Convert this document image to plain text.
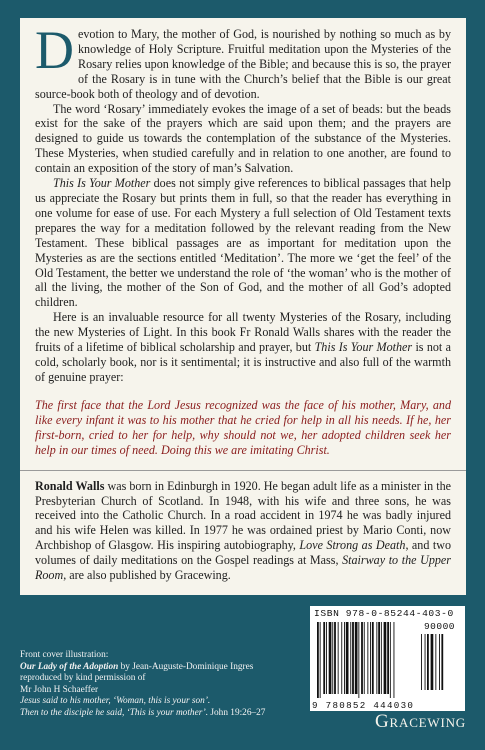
Devotion to Mary, the mother of God, is nourished by nothing so much as by knowledge of Holy Scripture. Fruitful meditation upon the Mysteries of the Rosary relies upon knowledge of the Bible; and because this is so, the prayer of the Rosary is in tune with the Church’s belief that the Bible is our great source-book both of theology and of devotion.

The word ‘Rosary’ immediately evokes the image of a set of beads: but the beads exist for the sake of the prayers which are said upon them; and the prayers are designed to guide us towards the contemplation of the substance of the Mysteries. These Mysteries, when studied carefully and in relation to one another, are found to contain an exposition of the story of man’s Salvation.

This Is Your Mother does not simply give references to biblical passages that help us appreciate the Rosary but prints them in full, so that the reader has everything in one volume for ease of use. For each Mystery a full selection of Old Testament texts prepares the way for a meditation followed by the relevant reading from the New Testament. These biblical passages are as important for meditation upon the Mysteries as are the sections entitled ‘Meditation’. The more we ‘get the feel’ of the Old Testament, the better we understand the role of ‘the woman’ who is the mother of all the living, the mother of the Son of God, and the mother of all God’s adopted children.

Here is an invaluable resource for all twenty Mysteries of the Rosary, including the new Mysteries of Light. In this book Fr Ronald Walls shares with the reader the fruits of a lifetime of biblical scholarship and prayer, but This Is Your Mother is not a cold, scholarly book, nor is it sentimental; it is instructive and also full of the warmth of genuine prayer:

The first face that the Lord Jesus recognized was the face of his mother, Mary, and like every infant it was to his mother that he cried for help in all his needs. If he, her first-born, cried to her for help, why should not we, her adopted children seek her help in our times of need. Doing this we are imitating Christ.

Ronald Walls was born in Edinburgh in 1920. He began adult life as a minister in the Presbyterian Church of Scotland. In 1948, with his wife and three sons, he was received into the Catholic Church. In a road accident in 1974 he was badly injured and his wife Helen was killed. In 1977 he was ordained priest by Mario Conti, now Archbishop of Glasgow. His inspiring autobiography, Love Strong as Death, and two volumes of daily meditations on the Gospel readings at Mass, Stairway to the Upper Room, are also published by Gracewing.

Front cover illustration:
Our Lady of the Adoption by Jean-Auguste-Dominique Ingres
reproduced by kind permission of
Mr John H Schaeffer
Jesus said to his mother, ‘Woman, this is your son’.
Then to the disciple he said, ‘This is your mother’. John 19:26–27
ISBN 978-0-85244-403-0
90000
9 780852 444030
Gracewing
